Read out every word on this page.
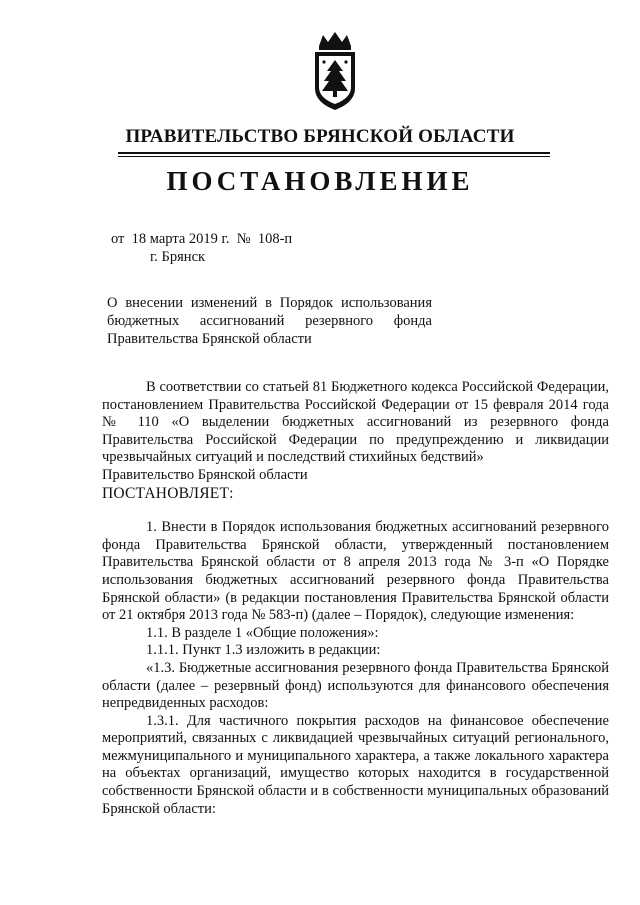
ПРАВИТЕЛЬСТВО БРЯНСКОЙ ОБЛАСТИ
ПОСТАНОВЛЕНИЕ
от  18 марта 2019 г.  №  108-п
г. Брянск
О внесении изменений в Порядок использования бюджетных ассигнований резервного фонда Правительства Брянской области

В соответствии со статьей 81 Бюджетного кодекса Российской Федерации, постановлением Правительства Российской Федерации от 15 февраля 2014 года № 110 «О выделении бюджетных ассигнований из резервного фонда Правительства Российской Федерации по предупреждению и ликвидации чрезвычайных ситуаций и последствий стихийных бедствий»

Правительство Брянской области

ПОСТАНОВЛЯЕТ:

1. Внести в Порядок использования бюджетных ассигнований резервного фонда Правительства Брянской области, утвержденный постановлением Правительства Брянской области от 8 апреля 2013 года № 3-п «О Порядке использования бюджетных ассигнований резервного фонда Правительства Брянской области» (в редакции постановления Правительства Брянской области от 21 октября 2013 года № 583-п) (далее – Порядок), следующие изменения:

1.1. В разделе 1 «Общие положения»:

1.1.1. Пункт 1.3 изложить в редакции:

«1.3. Бюджетные ассигнования резервного фонда Правительства Брянской области (далее – резервный фонд) используются для финансового обеспечения непредвиденных расходов:

1.3.1. Для частичного покрытия расходов на финансовое обеспечение мероприятий, связанных с ликвидацией чрезвычайных ситуаций регионального, межмуниципального и муниципального характера, а также локального характера на объектах организаций, имущество которых находится в государственной собственности Брянской области и в собственности муниципальных образований Брянской области:
